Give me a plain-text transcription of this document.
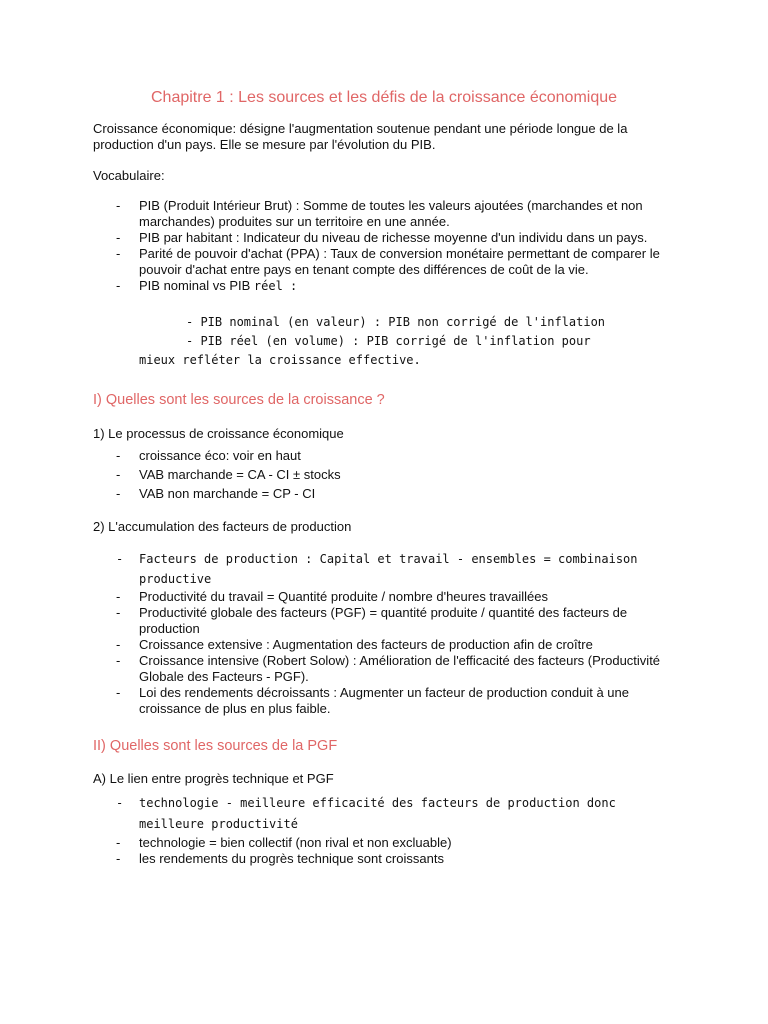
Chapitre 1 : Les sources et les défis de la croissance économique
Croissance économique: désigne l'augmentation soutenue pendant une période longue de la production d'un pays. Elle se mesure par l'évolution du PIB.
Vocabulaire:
- PIB (Produit Intérieur Brut) : Somme de toutes les valeurs ajoutées (marchandes et non marchandes) produites sur un territoire en une année.
- PIB par habitant : Indicateur du niveau de richesse moyenne d'un individu dans un pays.
- Parité de pouvoir d'achat (PPA) : Taux de conversion monétaire permettant de comparer le pouvoir d'achat entre pays en tenant compte des différences de coût de la vie.
- PIB nominal vs PIB réel :
- PIB nominal (en valeur) : PIB non corrigé de l'inflation
- PIB réel (en volume) : PIB corrigé de l'inflation pour
mieux refléter la croissance effective.
I) Quelles sont les sources de la croissance ?
1) Le processus de croissance économique
- croissance éco: voir en haut
- VAB marchande = CA - CI ± stocks
- VAB non marchande = CP - CI
2) L'accumulation des facteurs de production
- Facteurs de production : Capital et travail - ensembles = combinaison productive
- Productivité du travail = Quantité produite / nombre d'heures travaillées
- Productivité globale des facteurs (PGF) = quantité produite / quantité des facteurs de production
- Croissance extensive : Augmentation des facteurs de production afin de croître
- Croissance intensive (Robert Solow) : Amélioration de l'efficacité des facteurs (Productivité Globale des Facteurs - PGF).
- Loi des rendements décroissants : Augmenter un facteur de production conduit à une croissance de plus en plus faible.
II) Quelles sont les sources de la PGF
A) Le lien entre progrès technique et PGF
- technologie - meilleure efficacité des facteurs de production donc meilleure productivité
- technologie = bien collectif (non rival et non excluable)
- les rendements du progrès technique sont croissants
